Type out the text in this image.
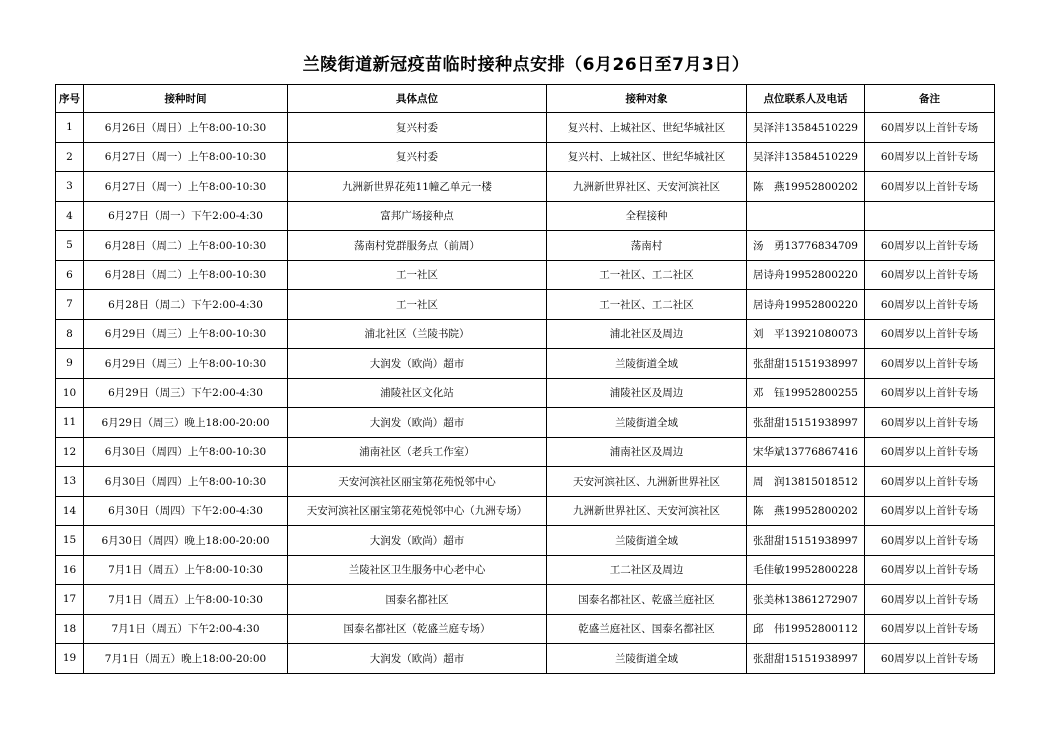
兰陵街道新冠疫苗临时接种点安排（6月26日至7月3日）
序号	接种时间	具体点位	接种对象	点位联系人及电话	备注
1	6月26日（周日）上午8:00-10:30	复兴村委	复兴村、上城社区、世纪华城社区	吴泽沣13584510229	60周岁以上首针专场
2	6月27日（周一）上午8:00-10:30	复兴村委	复兴村、上城社区、世纪华城社区	吴泽沣13584510229	60周岁以上首针专场
3	6月27日（周一）上午8:00-10:30	九洲新世界花苑11幢乙单元一楼	九洲新世界社区、天安河滨社区	陈　燕19952800202	60周岁以上首针专场
4	6月27日（周一）下午2:00-4:30	富邦广场接种点	全程接种		
5	6月28日（周二）上午8:00-10:30	荡南村党群服务点（前周）	荡南村	汤　勇13776834709	60周岁以上首针专场
6	6月28日（周二）上午8:00-10:30	工一社区	工一社区、工二社区	居诗舟19952800220	60周岁以上首针专场
7	6月28日（周二）下午2:00-4:30	工一社区	工一社区、工二社区	居诗舟19952800220	60周岁以上首针专场
8	6月29日（周三）上午8:00-10:30	浦北社区（兰陵书院）	浦北社区及周边	刘　平13921080073	60周岁以上首针专场
9	6月29日（周三）上午8:00-10:30	大润发（欧尚）超市	兰陵街道全域	张甜甜15151938997	60周岁以上首针专场
10	6月29日（周三）下午2:00-4:30	浦陵社区文化站	浦陵社区及周边	邓　钰19952800255	60周岁以上首针专场
11	6月29日（周三）晚上18:00-20:00	大润发（欧尚）超市	兰陵街道全域	张甜甜15151938997	60周岁以上首针专场
12	6月30日（周四）上午8:00-10:30	浦南社区（老兵工作室）	浦南社区及周边	宋华斌13776867416	60周岁以上首针专场
13	6月30日（周四）上午8:00-10:30	天安河滨社区丽宝第花苑悦邻中心	天安河滨社区、九洲新世界社区	周　润13815018512	60周岁以上首针专场
14	6月30日（周四）下午2:00-4:30	天安河滨社区丽宝第花苑悦邻中心（九洲专场）	九洲新世界社区、天安河滨社区	陈　燕19952800202	60周岁以上首针专场
15	6月30日（周四）晚上18:00-20:00	大润发（欧尚）超市	兰陵街道全域	张甜甜15151938997	60周岁以上首针专场
16	7月1日（周五）上午8:00-10:30	兰陵社区卫生服务中心老中心	工二社区及周边	毛佳敏19952800228	60周岁以上首针专场
17	7月1日（周五）上午8:00-10:30	国泰名都社区	国泰名都社区、乾盛兰庭社区	张美林13861272907	60周岁以上首针专场
18	7月1日（周五）下午2:00-4:30	国泰名都社区（乾盛兰庭专场）	乾盛兰庭社区、国泰名都社区	邱　伟19952800112	60周岁以上首针专场
19	7月1日（周五）晚上18:00-20:00	大润发（欧尚）超市	兰陵街道全域	张甜甜15151938997	60周岁以上首针专场
